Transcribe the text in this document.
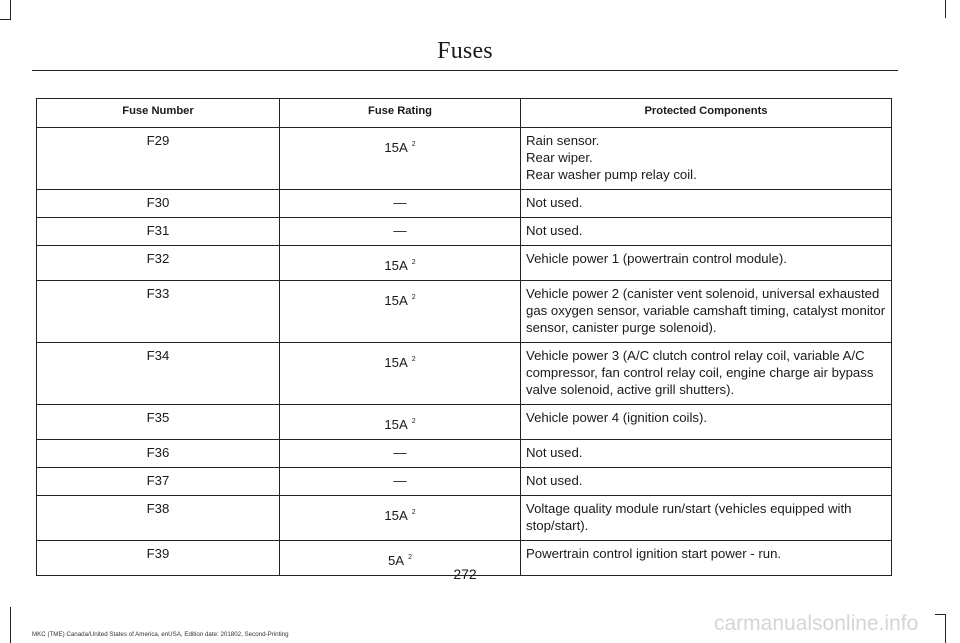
Fuses
Fuse Number	Fuse Rating	Protected Components
F29	15A $^2$	Rain sensor.
Rear wiper.
Rear washer pump relay coil.

F30	—	Not used.

F31	—	Not used.

F32	15A $^2$	Vehicle power 1 (powertrain control module).

F33	15A $^2$	Vehicle power 2 (canister vent solenoid, universal exhausted gas oxygen sensor, variable camshaft timing, catalyst monitor sensor, canister purge solenoid).

F34	15A $^2$	Vehicle power 3 (A/C clutch control relay coil, variable A/C compressor, fan control relay coil, engine charge air bypass valve solenoid, active grill shutters).

F35	15A $^2$	Vehicle power 4 (ignition coils).

F36	—	Not used.

F37	—	Not used.

F38	15A $^2$	Voltage quality module run/start (vehicles equipped with stop/start).

F39	5A $^2$	Powertrain control ignition start power - run.
272
MKC (TME) Canada/United States of America, enUSA, Edition date: 201802, Second-Printing	carmanualsonline.info
